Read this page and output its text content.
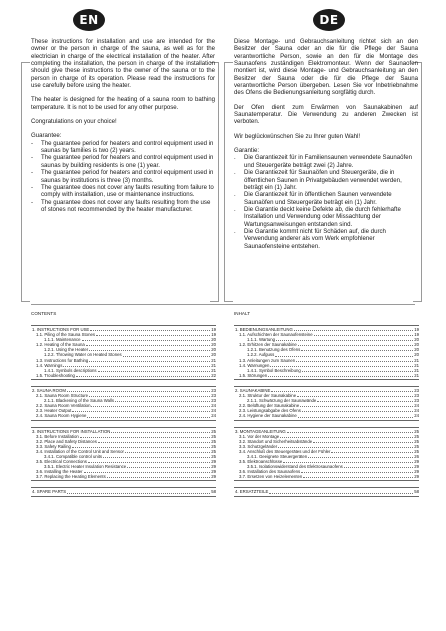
EN	DE

These instructions for installation and use are intended for the owner or the person in charge of the sauna, as well as for the electrician in charge of the electrical installation of the heater. After completing the installation, the person in charge of the installation should give these instructions to the owner of the sauna or to the person in charge of its operation. Please read the instructions for use carefully before using the heater.

The heater is designed for the heating of a sauna room to bathing temperature. It is not to be used for any other purpose.

Congratulations on your choice!

Guarantee:

- The guarantee period for heaters and control equipment used in saunas by families is two (2) years.
- The guarantee period for heaters and control equipment used in saunas by building residents is one (1) year.
- The guarantee period for heaters and control equipment used in saunas by institutions is three (3) months.
- The guarantee does not cover any faults resulting from failure to comply with installation, use or maintenance instructions.
- The guarantee does not cover any faults resulting from the use of stones not recommended by the heater manufacturer.

Diese Montage- und Gebrauchsanleitung richtet sich an den Besitzer der Sauna oder an die für die Pflege der Sauna verantwortliche Person, sowie an den für die Montage des Saunaofens zuständigen Elektromonteur. Wenn der Saunaofen montiert ist, wird diese Montage- und Gebrauchsanleitung an den Besitzer der Sauna oder die für die Pflege der Sauna verantwortliche Person übergeben. Lesen Sie vor Inbetriebnahme des Ofens die Bedienungsanleitung sorgfältig durch.

Der Ofen dient zum Erwärmen von Saunakabinen auf Saunatemperatur. Die Verwendung zu anderen Zwecken ist verboten.

Wir beglückwünschen Sie zu Ihrer guten Wahl!

Garantie:

. Die Garantiezeit für in Familiensaunen verwendete Saunaöfen und Steuergeräte beträgt zwei (2) Jahre.
. Die Garantiezeit für Saunaöfen und Steuergeräte, die in öffentlichen Saunen in Privatgebäuden verwendet werden, beträgt ein (1) Jahr.
. Die Garantiezeit für in öffentlichen Saunen verwendete Saunaöfen und Steuergeräte beträgt ein (1) Jahr.
. Die Garantie deckt keine Defekte ab, die durch fehlerhafte Installation und Verwendung oder Missachtung der Wartungsanweisungen entstanden sind.
. Die Garantie kommt nicht für Schäden auf, die durch Verwendung anderer als vom Werk empfohlener Saunaofensteine entstehen.
CONTENTS
1. INSTRUCTIONS FOR USE	19
1.1. Piling of the Sauna Stones	19
1.1.1. Maintenance	20
1.2. Heating of the Sauna	20
1.2.1. Using the Heater	20
1.2.2. Throwing Water on Heated Stones	20
1.3. Instructions for Bathing	21
1.4. Warnings	21
1.4.1. Symbols descriptions	21
1.5. Troubleshooting	22
2. SAUNA ROOM	23
2.1. Sauna Room Structure	23
2.1.1. Blackening of the Sauna Walls	23
2.2. Sauna Room Ventilation	24
2.3. Heater Output	24
2.4. Sauna Room Hygiene	24
3. INSTRUCTIONS FOR INSTALLATION	25
3.1. Before Installation	25
3.2. Place and Safety Distances	25
3.3. Safety Railing	25
3.4. Installation of the Control Unit and Sensor	25
3.4.1. Compatible control units	25
3.5. Electrical Connections	29
3.5.1. Electric Heater Insulation Resistance	29
3.6. Installing the Heater	29
3.7. Replacing the Heating Elements	29
4. SPARE PARTS	58
INHALT
1. BEDIENUNGSANLEITUNG	19
1.1. Aufschichten der Saunaofensteine	19
1.1.1. Wartung	20
1.2. Erhitzen der Saunakabine	20
1.2.1. Benutzung des Ofens	20
1.2.2. Aufguss	20
1.3. Anleitungen zum Saunen	21
1.4. Warnungen	21
1.4.1. Symbol Beschreibung	21
1.5. Störungen	21
2. SAUNAKABINE	23
2.1. Struktur der Saunakabine	23
2.1.1. Schwärzung der Saunawände	23
2.2. Belüftung der Saunakabine	24
2.3. Leistungsabgabe des Ofens	24
2.4. Hygiene der Saunakabine	24
3. MONTAGEANLEITUNG	25
3.1. Vor der Montage	25
3.2. Standort und Sicherheitsabstände	25
3.3. Schutzgeländer	25
3.4. Anschluß des Steuergerätes und der Fühler	25
3.4.1. Geeignete Steuergeräten	26
3.5. Elektroanschlüsse	29
3.5.1. Isolationswiderstand des Elektrosaunaofens	29
3.6. Installation des Saunaofens	29
3.7. Ersetzen von Heizelementen	29
4. ERSATZTEILE	58
